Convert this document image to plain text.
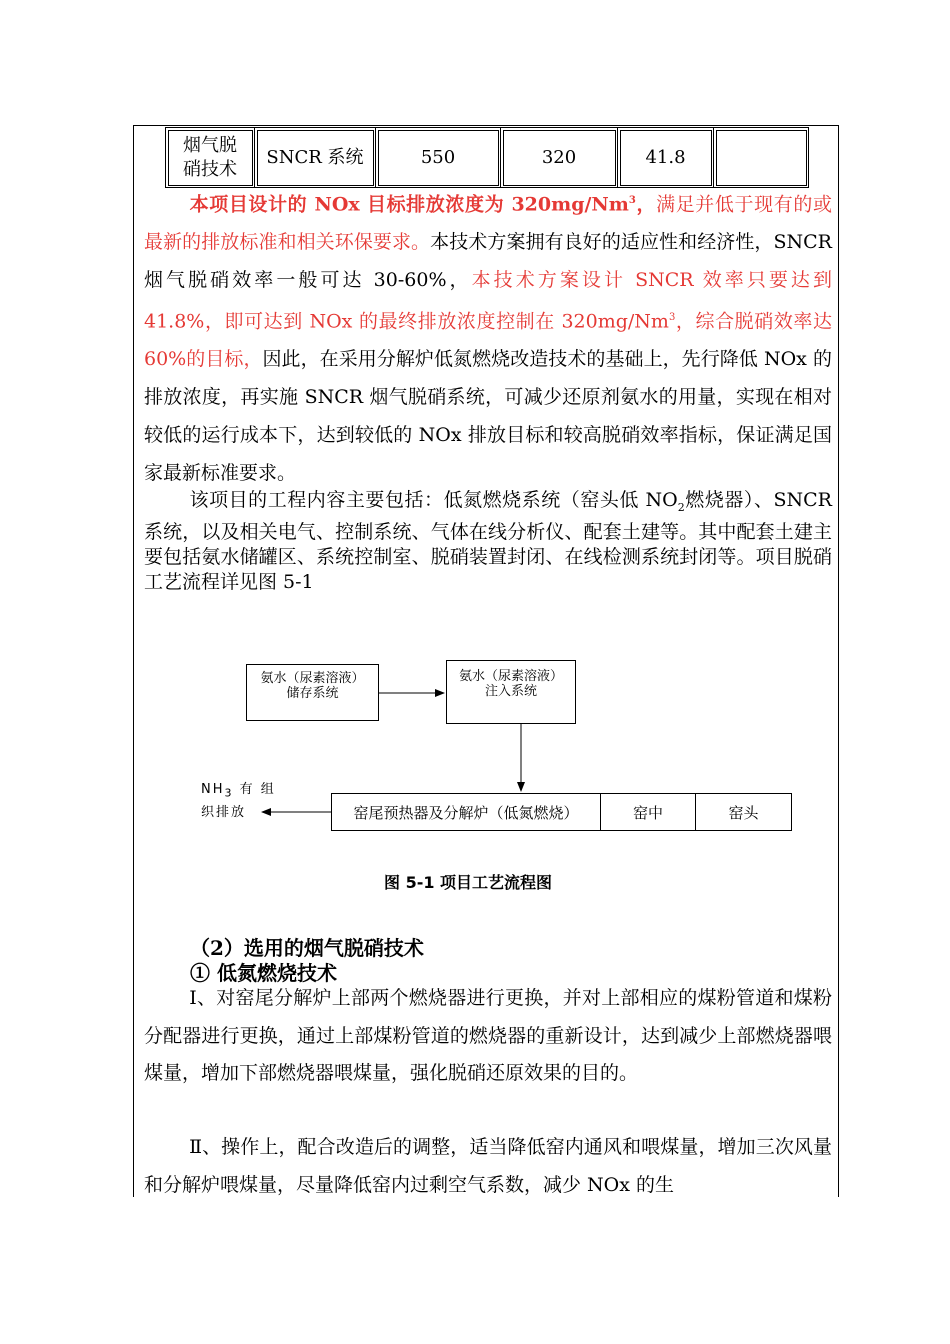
烟气脱硝技术	SNCR 系统	550	320	41.8	
本项目设计的 NOx 目标排放浓度为 320mg/Nm$^3$，满足并低于现有的或最新的排放标准和相关环保要求。本技术方案拥有良好的适应性和经济性，SNCR 烟气脱硝效率一般可达 30-60%，本技术方案设计 SNCR 效率只要达到 41.8%，即可达到 NOx 的最终排放浓度控制在 320mg/Nm$^3$，综合脱硝效率达 60%的目标，因此，在采用分解炉低氮燃烧改造技术的基础上，先行降低 NOx 的排放浓度，再实施 SNCR 烟气脱硝系统，可减少还原剂氨水的用量，实现在相对较低的运行成本下，达到较低的 NOx 排放目标和较高脱硝效率指标，保证满足国家最新标准要求。
该项目的工程内容主要包括：低氮燃烧系统（窑头低 $NO_2$燃烧器）、SNCR 系统，以及相关电气、控制系统、气体在线分析仪、配套土建等。其中配套土建主要包括氨水储罐区、系统控制室、脱硝装置封闭、在线检测系统封闭等。项目脱硝工艺流程详见图 5-1
氨水（尿素溶液）
储存系统
氨水（尿素溶液）
注入系统
窑尾预热器及分解炉（低氮燃烧）	窑中	窑头
$NH_3$ 有 组
织排放
图 5-1 项目工艺流程图
（2）选用的烟气脱硝技术
① 低氮燃烧技术
Ⅰ、对窑尾分解炉上部两个燃烧器进行更换，并对上部相应的煤粉管道和煤粉分配器进行更换，通过上部煤粉管道的燃烧器的重新设计，达到减少上部燃烧器喂煤量，增加下部燃烧器喂煤量，强化脱硝还原效果的目的。
Ⅱ、操作上，配合改造后的调整，适当降低窑内通风和喂煤量，增加三次风量和分解炉喂煤量，尽量降低窑内过剩空气系数，减少 NOx 的生
